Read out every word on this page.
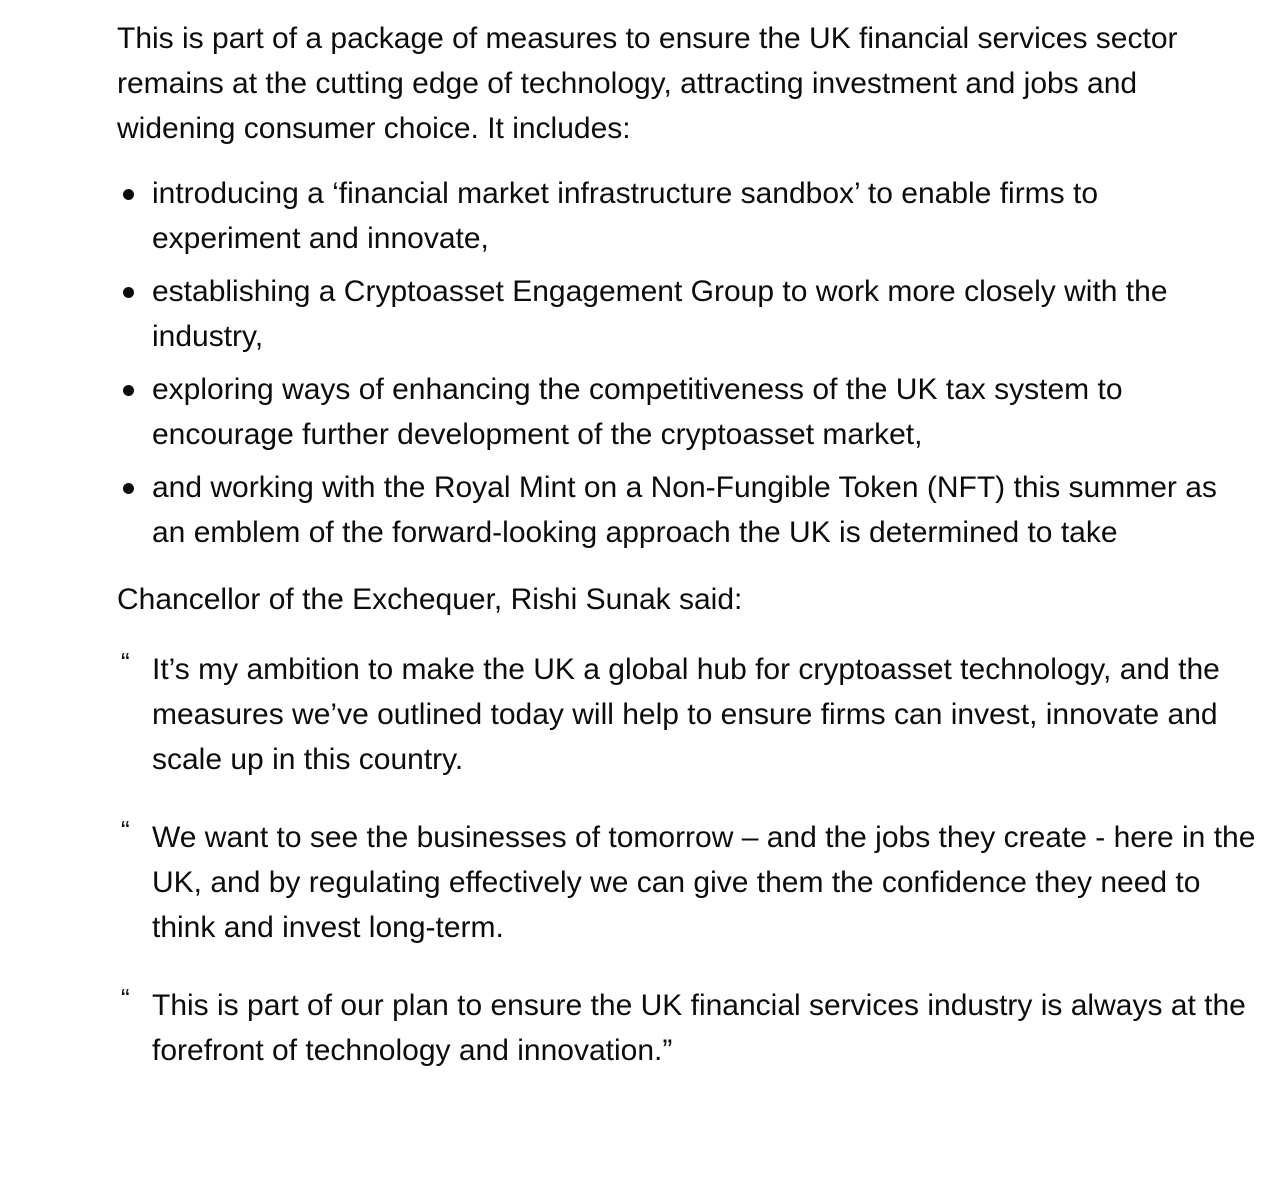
This is part of a package of measures to ensure the UK financial services sector remains at the cutting edge of technology, attracting investment and jobs and widening consumer choice. It includes:

introducing a ‘financial market infrastructure sandbox’ to enable firms to experiment and innovate,
establishing a Cryptoasset Engagement Group to work more closely with the industry,
exploring ways of enhancing the competitiveness of the UK tax system to encourage further development of the cryptoasset market,
and working with the Royal Mint on a Non-Fungible Token (NFT) this summer as an emblem of the forward-looking approach the UK is determined to take

Chancellor of the Exchequer, Rishi Sunak said:

“ It’s my ambition to make the UK a global hub for cryptoasset technology, and the measures we’ve outlined today will help to ensure firms can invest, innovate and scale up in this country.
“ We want to see the businesses of tomorrow – and the jobs they create - here in the UK, and by regulating effectively we can give them the confidence they need to think and invest long-term.
“ This is part of our plan to ensure the UK financial services industry is always at the forefront of technology and innovation.”
